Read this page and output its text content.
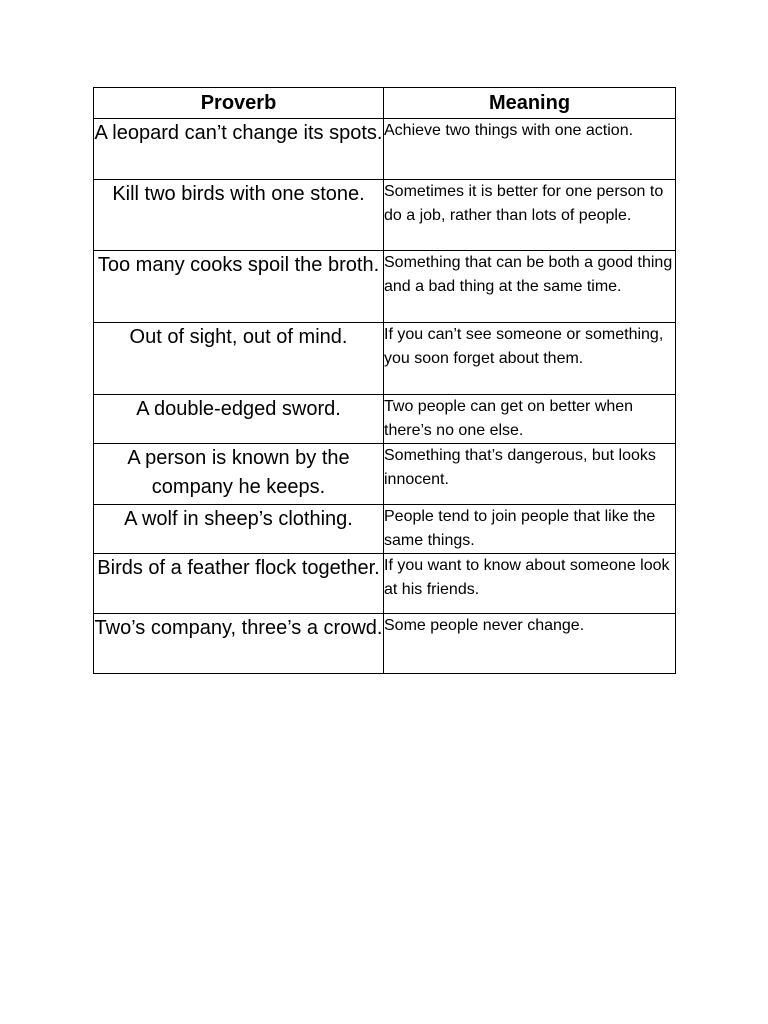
Proverb	Meaning
A leopard can’t change its spots.	Achieve two things with one action.
Kill two birds with one stone.	Sometimes it is better for one person to do a job, rather than lots of people.
Too many cooks spoil the broth.	Something that can be both a good thing and a bad thing at the same time.
Out of sight, out of mind.	If you can’t see someone or something, you soon forget about them.
A double-edged sword.	Two people can get on better when there’s no one else.
A person is known by the company he keeps.	Something that’s dangerous, but looks innocent.
A wolf in sheep’s clothing.	People tend to join people that like the same things.
Birds of a feather flock together.	If you want to know about someone look at his friends.
Two’s company, three’s a crowd.	Some people never change.
